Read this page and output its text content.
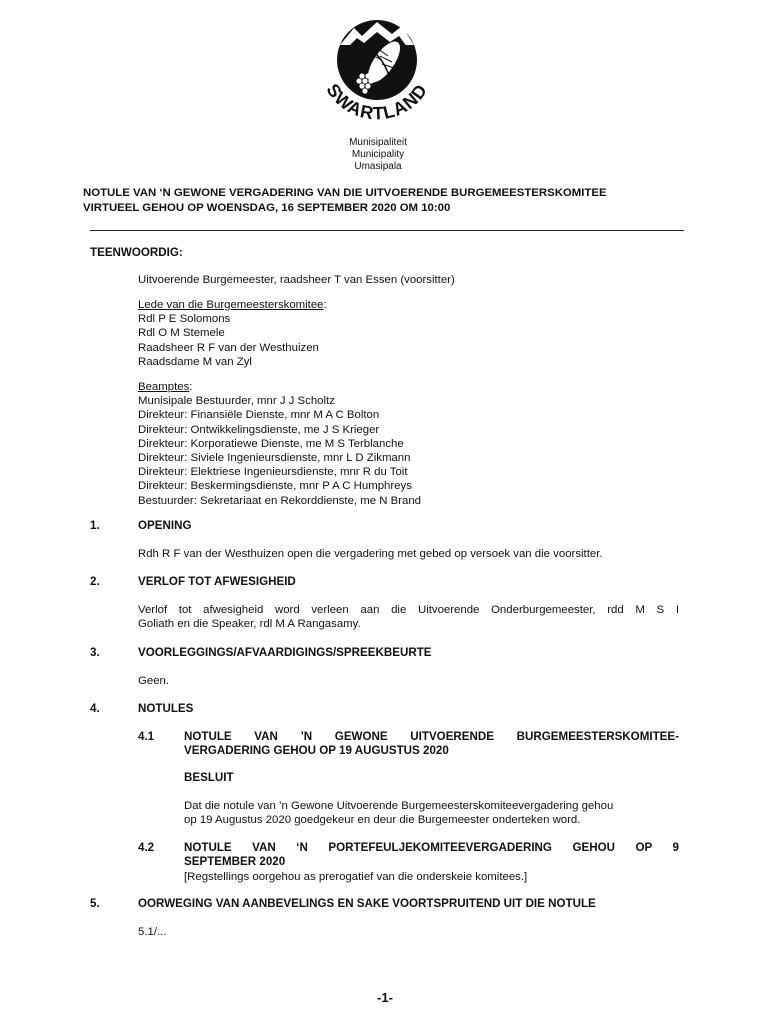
SWARTLAND
Munisipaliteit
Municipality
Umasipala
NOTULE VAN ‘N GEWONE VERGADERING VAN DIE UITVOERENDE BURGEMEESTERSKOMITEE
VIRTUEEL GEHOU OP WOENSDAG, 16 SEPTEMBER 2020 OM 10:00
TEENWOORDIG:
Uitvoerende Burgemeester, raadsheer T van Essen (voorsitter)
Lede van die Burgemeesterskomitee:
Rdl P E Solomons
Rdl O M Stemele
Raadsheer R F van der Westhuizen
Raadsdame M van Zyl
Beamptes:
Munisipale Bestuurder, mnr J J Scholtz
Direkteur: Finansiële Dienste, mnr M A C Bolton
Direkteur: Ontwikkelingsdienste, me J S Krieger
Direkteur: Korporatiewe Dienste, me M S Terblanche
Direkteur: Siviele Ingenieursdienste, mnr L D Zikmann
Direkteur: Elektriese Ingenieursdienste, mnr R du Toit
Direkteur: Beskermingsdienste, mnr P A C Humphreys
Bestuurder: Sekretariaat en Rekorddienste, me N Brand
1.	OPENING
Rdh R F van der Westhuizen open die vergadering met gebed op versoek van die voorsitter.
2.	VERLOF TOT AFWESIGHEID
Verlof tot afwesigheid word verleen aan die Uitvoerende Onderburgemeester, rdd M S I
Goliath en die Speaker, rdl M A Rangasamy.
3.	VOORLEGGINGS/AFVAARDIGINGS/SPREEKBEURTE
Geen.
4.	NOTULES
4.1	NOTULE VAN ’N GEWONE UITVOERENDE BURGEMEESTERSKOMITEE-
VERGADERING GEHOU OP 19 AUGUSTUS 2020
BESLUIT
Dat die notule van ’n Gewone Uitvoerende Burgemeesterskomiteevergadering gehou
op 19 Augustus 2020 goedgekeur en deur die Burgemeester onderteken word.
4.2	NOTULE VAN ‘N PORTEFEULJEKOMITEEVERGADERING GEHOU OP 9
SEPTEMBER 2020
[Regstellings oorgehou as prerogatief van die onderskeie komitees.]
5.	OORWEGING VAN AANBEVELINGS EN SAKE VOORTSPRUITEND UIT DIE NOTULE
5.1/...
-1-
